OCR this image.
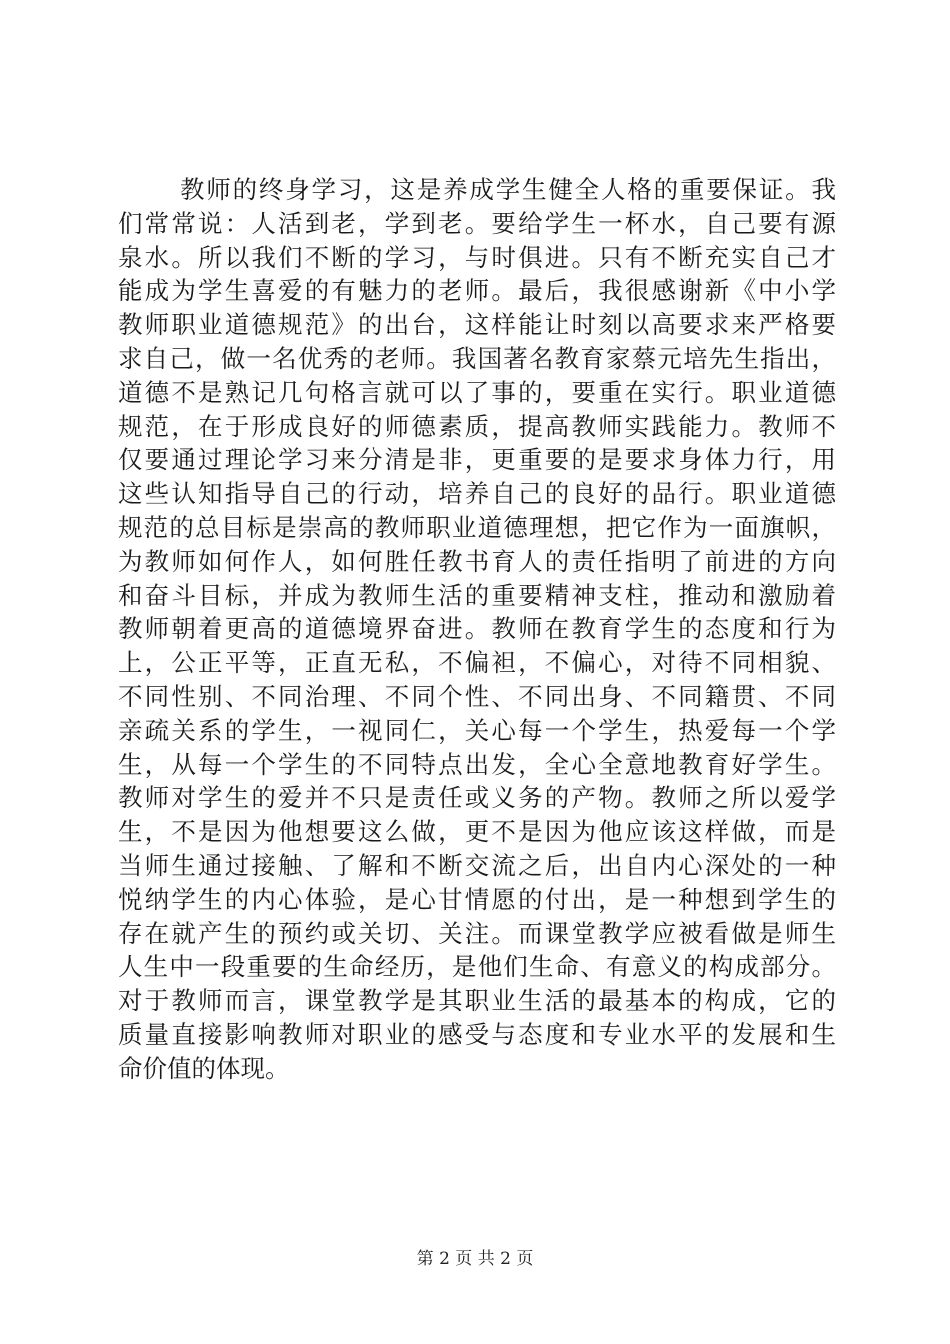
教师的终身学习，这是养成学生健全人格的重要保证。我
们常常说：人活到老，学到老。要给学生一杯水，自己要有源
泉水。所以我们不断的学习，与时俱进。只有不断充实自己才
能成为学生喜爱的有魅力的老师。最后，我很感谢新《中小学
教师职业道德规范》的出台，这样能让时刻以高要求来严格要
求自己，做一名优秀的老师。我国著名教育家蔡元培先生指出，
道德不是熟记几句格言就可以了事的，要重在实行。职业道德
规范，在于形成良好的师德素质，提高教师实践能力。教师不
仅要通过理论学习来分清是非，更重要的是要求身体力行，用
这些认知指导自己的行动，培养自己的良好的品行。职业道德
规范的总目标是崇高的教师职业道德理想，把它作为一面旗帜，
为教师如何作人，如何胜任教书育人的责任指明了前进的方向
和奋斗目标，并成为教师生活的重要精神支柱，推动和激励着
教师朝着更高的道德境界奋进。教师在教育学生的态度和行为
上，公正平等，正直无私，不偏袒，不偏心，对待不同相貌、
不同性别、不同治理、不同个性、不同出身、不同籍贯、不同
亲疏关系的学生，一视同仁，关心每一个学生，热爱每一个学
生，从每一个学生的不同特点出发，全心全意地教育好学生。
教师对学生的爱并不只是责任或义务的产物。教师之所以爱学
生，不是因为他想要这么做，更不是因为他应该这样做，而是
当师生通过接触、了解和不断交流之后，出自内心深处的一种
悦纳学生的内心体验，是心甘情愿的付出，是一种想到学生的
存在就产生的预约或关切、关注。而课堂教学应被看做是师生
人生中一段重要的生命经历，是他们生命、有意义的构成部分。
对于教师而言，课堂教学是其职业生活的最基本的构成，它的
质量直接影响教师对职业的感受与态度和专业水平的发展和生
命价值的体现。
第 2 页 共 2 页
